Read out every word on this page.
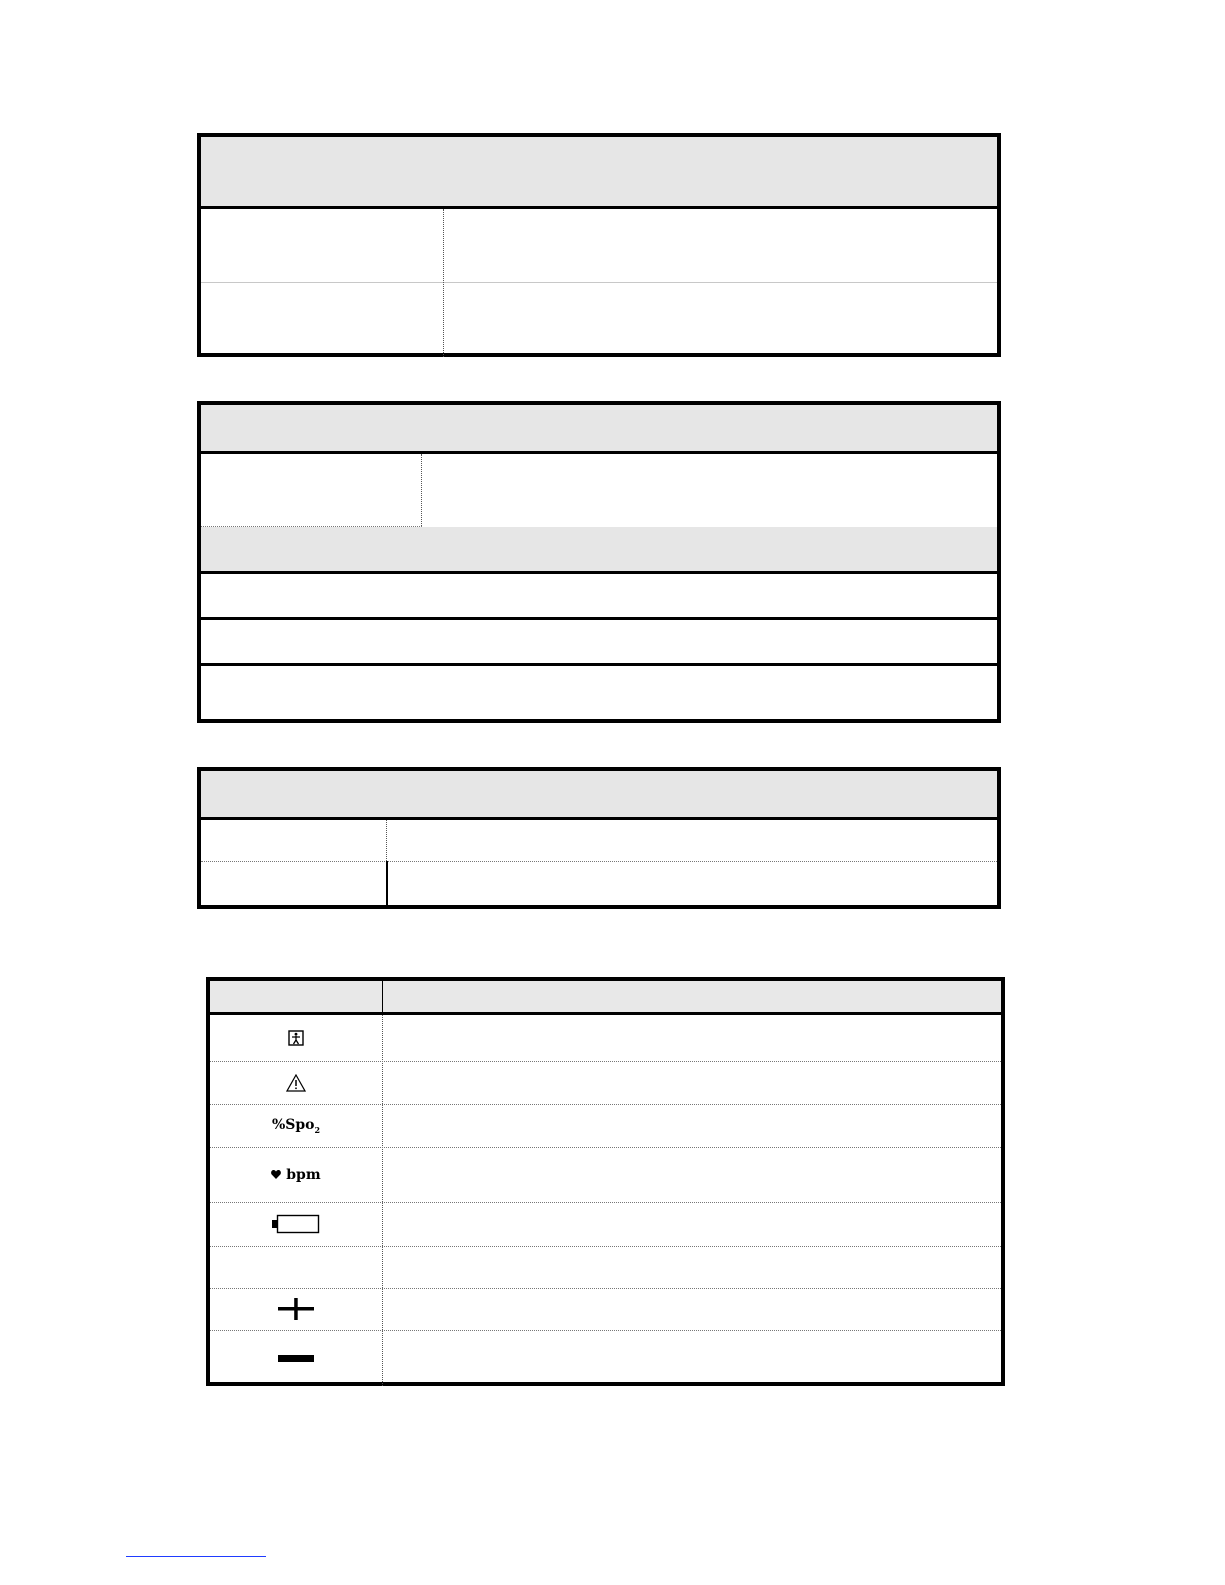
%Spo$_2$
bpm
